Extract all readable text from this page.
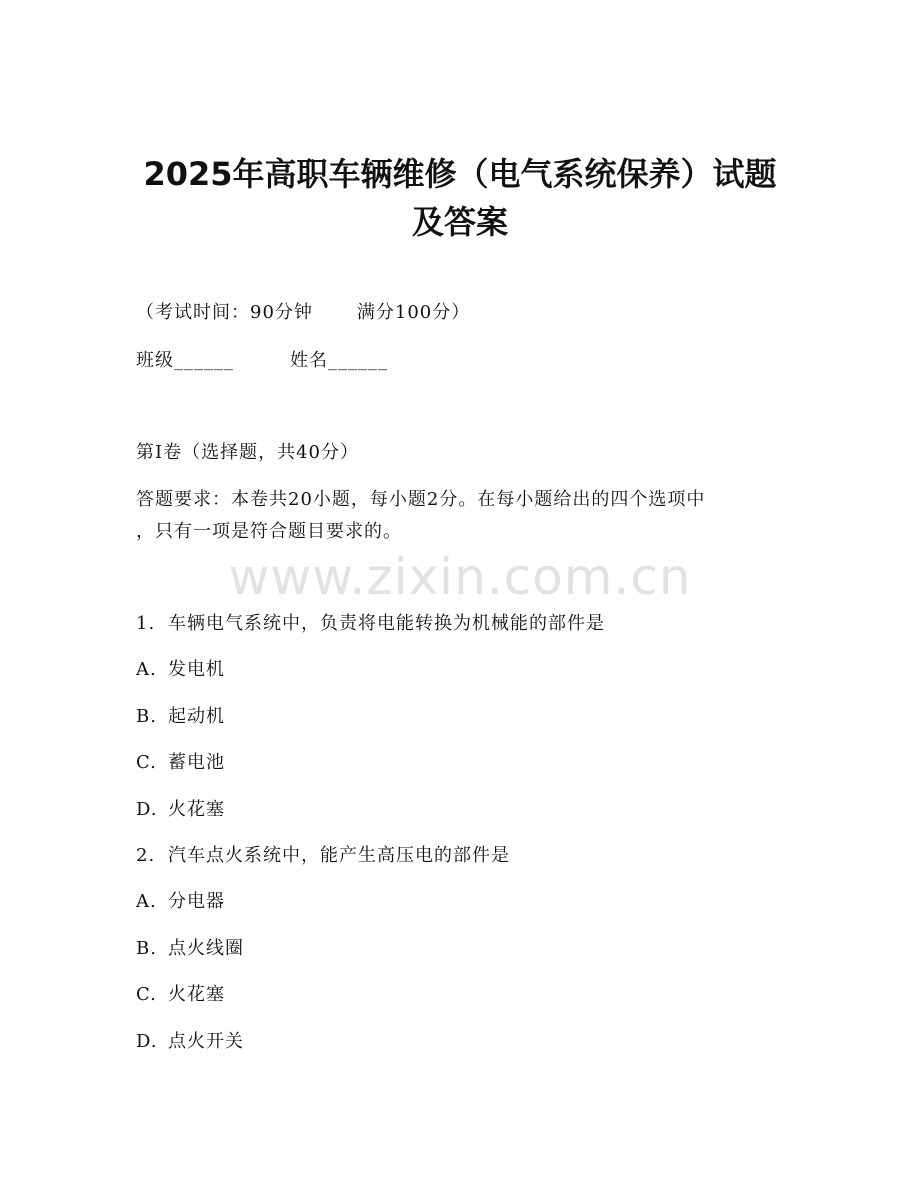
2025年高职车辆维修（电气系统保养）试题
及答案
（考试时间：90分钟 满分100分）
班级______	姓名______
第Ⅰ卷（选择题，共40分）
答题要求：本卷共20小题，每小题2分。在每小题给出的四个选项中
，只有一项是符合题目要求的。
www.zixin.com.cn
1. 车辆电气系统中，负责将电能转换为机械能的部件是
A. 发电机
B. 起动机
C. 蓄电池
D. 火花塞
2. 汽车点火系统中，能产生高压电的部件是
A. 分电器
B. 点火线圈
C. 火花塞
D. 点火开关
